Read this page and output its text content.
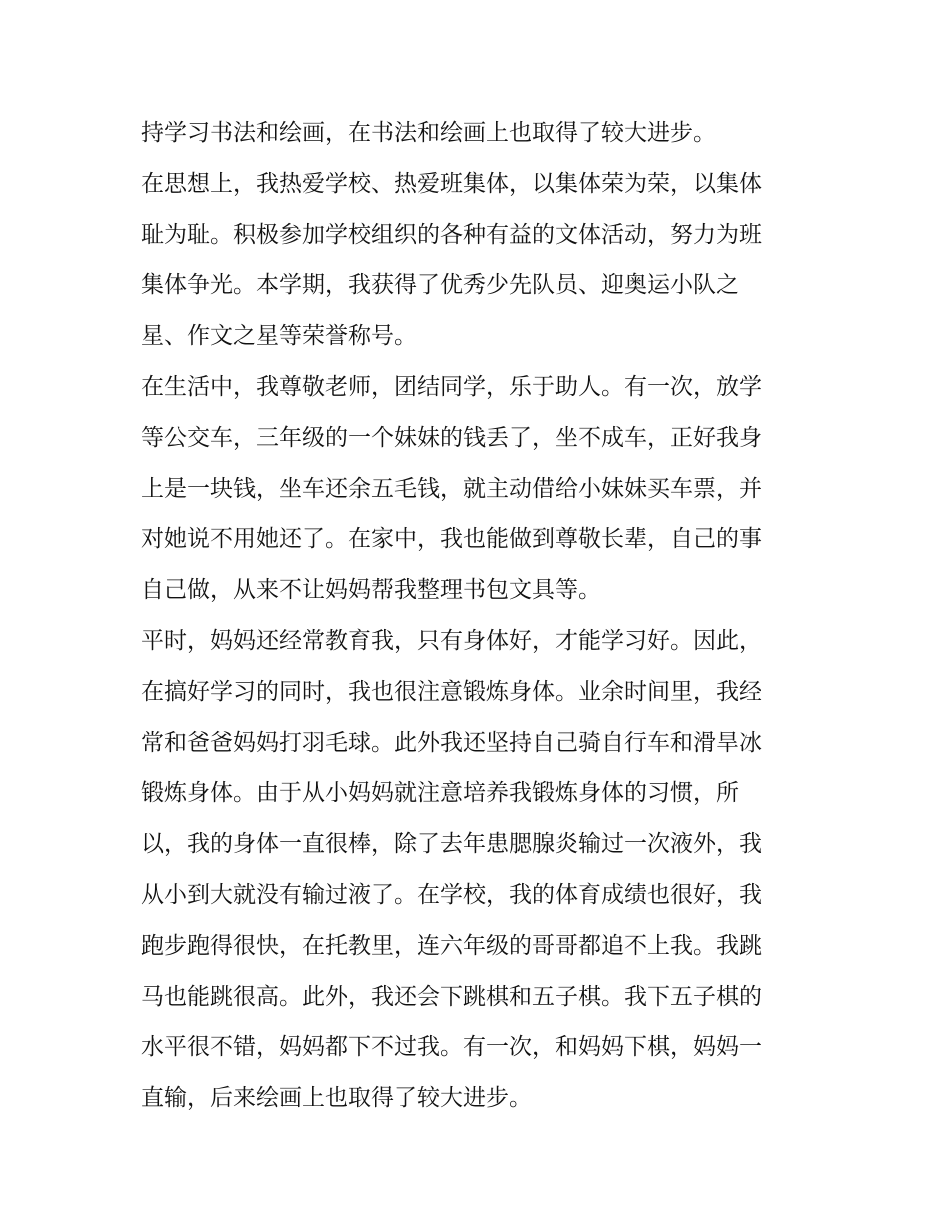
持学习书法和绘画，在书法和绘画上也取得了较大进步。
在思想上，我热爱学校、热爱班集体，以集体荣为荣，以集体
耻为耻。积极参加学校组织的各种有益的文体活动，努力为班
集体争光。本学期，我获得了优秀少先队员、迎奥运小队之
星、作文之星等荣誉称号。
在生活中，我尊敬老师，团结同学，乐于助人。有一次，放学
等公交车，三年级的一个妹妹的钱丢了，坐不成车，正好我身
上是一块钱，坐车还余五毛钱，就主动借给小妹妹买车票，并
对她说不用她还了。在家中，我也能做到尊敬长辈，自己的事
自己做，从来不让妈妈帮我整理书包文具等。
平时，妈妈还经常教育我，只有身体好，才能学习好。因此，
在搞好学习的同时，我也很注意锻炼身体。业余时间里，我经
常和爸爸妈妈打羽毛球。此外我还坚持自己骑自行车和滑旱冰
锻炼身体。由于从小妈妈就注意培养我锻炼身体的习惯，所
以，我的身体一直很棒，除了去年患腮腺炎输过一次液外，我
从小到大就没有输过液了。在学校，我的体育成绩也很好，我
跑步跑得很快，在托教里，连六年级的哥哥都追不上我。我跳
马也能跳很高。此外，我还会下跳棋和五子棋。我下五子棋的
水平很不错，妈妈都下不过我。有一次，和妈妈下棋，妈妈一
直输，后来绘画上也取得了较大进步。
